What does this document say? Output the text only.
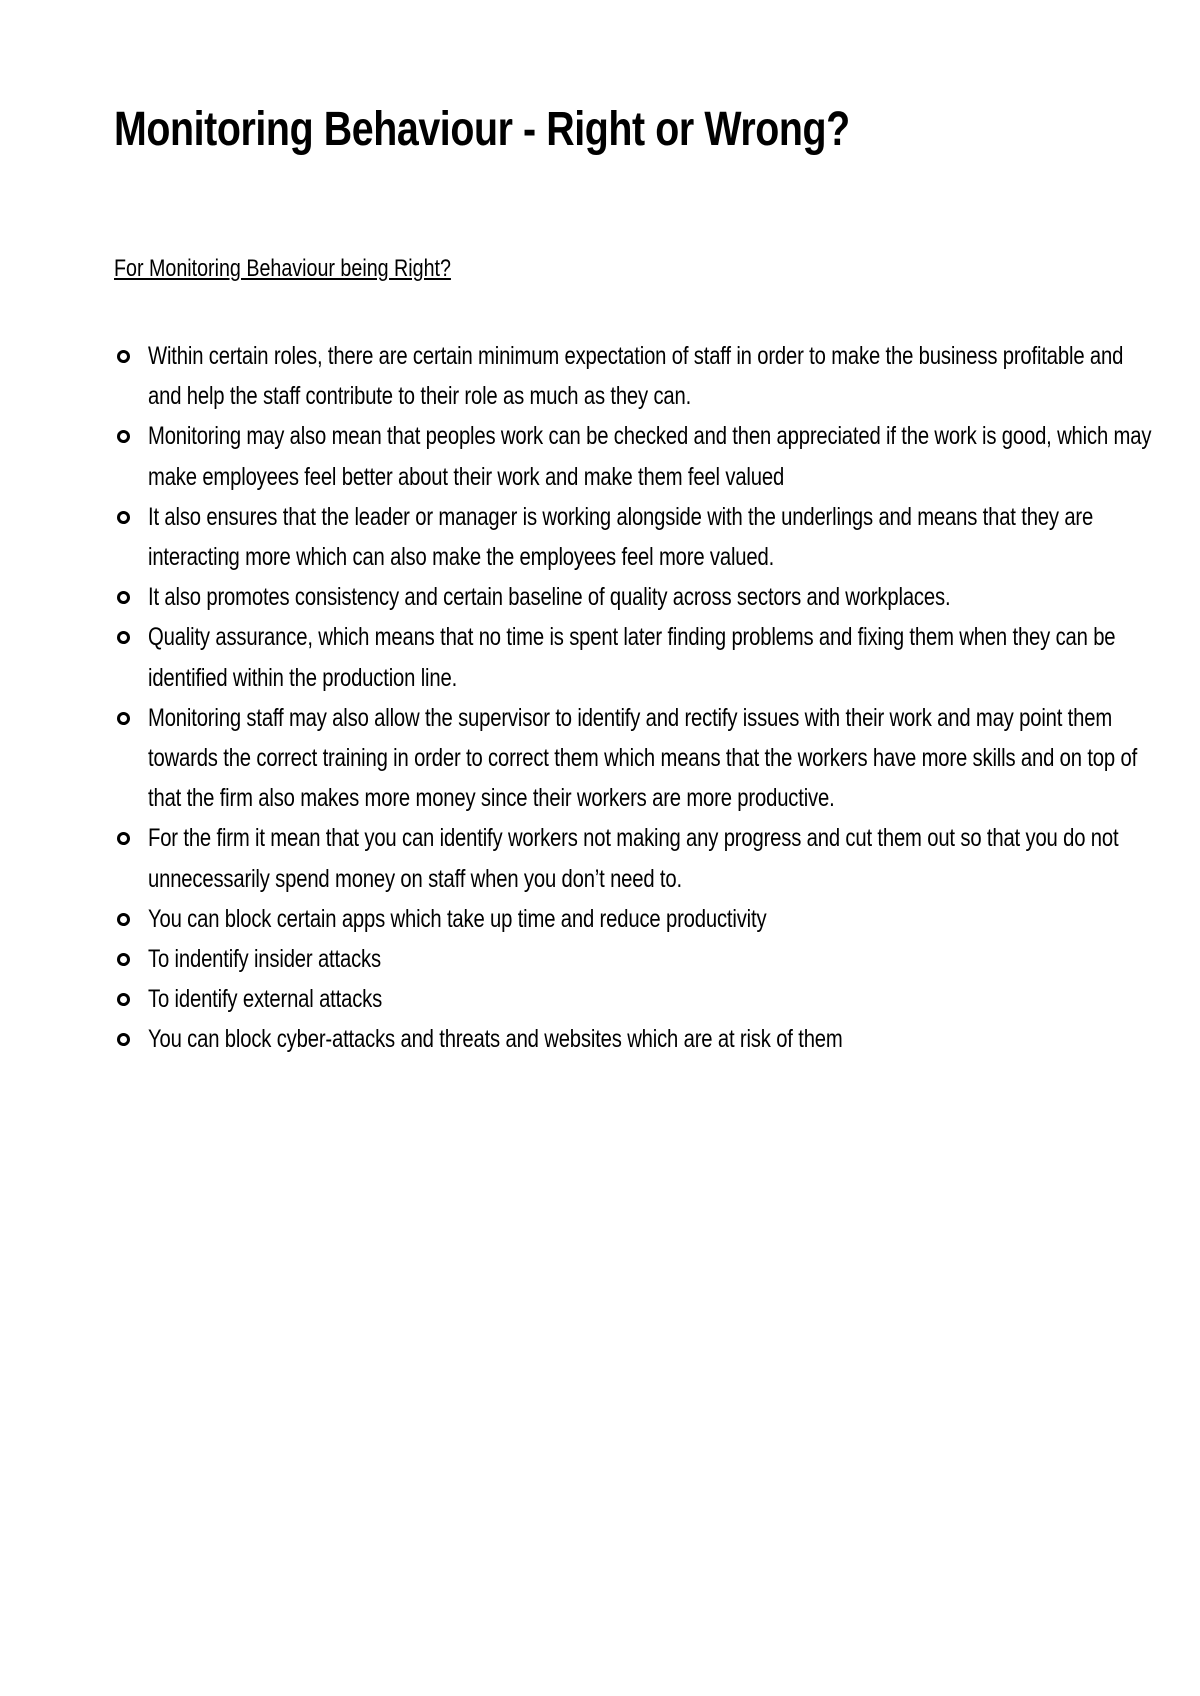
Monitoring Behaviour - Right or Wrong?
For Monitoring Behaviour being Right?
Within certain roles, there are certain minimum expectation of staff in order to make the business profitable and and help the staff contribute to their role as much as they can.
Monitoring may also mean that peoples work can be checked and then appreciated if the work is good, which may make employees feel better about their work and make them feel valued
It also ensures that the leader or manager is working alongside with the underlings and means that they are interacting more which can also make the employees feel more valued.
It also promotes consistency and certain baseline of quality across sectors and workplaces.
Quality assurance, which means that no time is spent later finding problems and fixing them when they can be identified within the production line.
Monitoring staff may also allow the supervisor to identify and rectify issues with their work and may point them towards the correct training in order to correct them which means that the workers have more skills and on top of that the firm also makes more money since their workers are more productive.
For the firm it mean that you can identify workers not making any progress and cut them out so that you do not unnecessarily spend money on staff when you don’t need to.
You can block certain apps which take up time and reduce productivity
To indentify insider attacks
To identify external attacks
You can block cyber-attacks and threats and websites which are at risk of them
